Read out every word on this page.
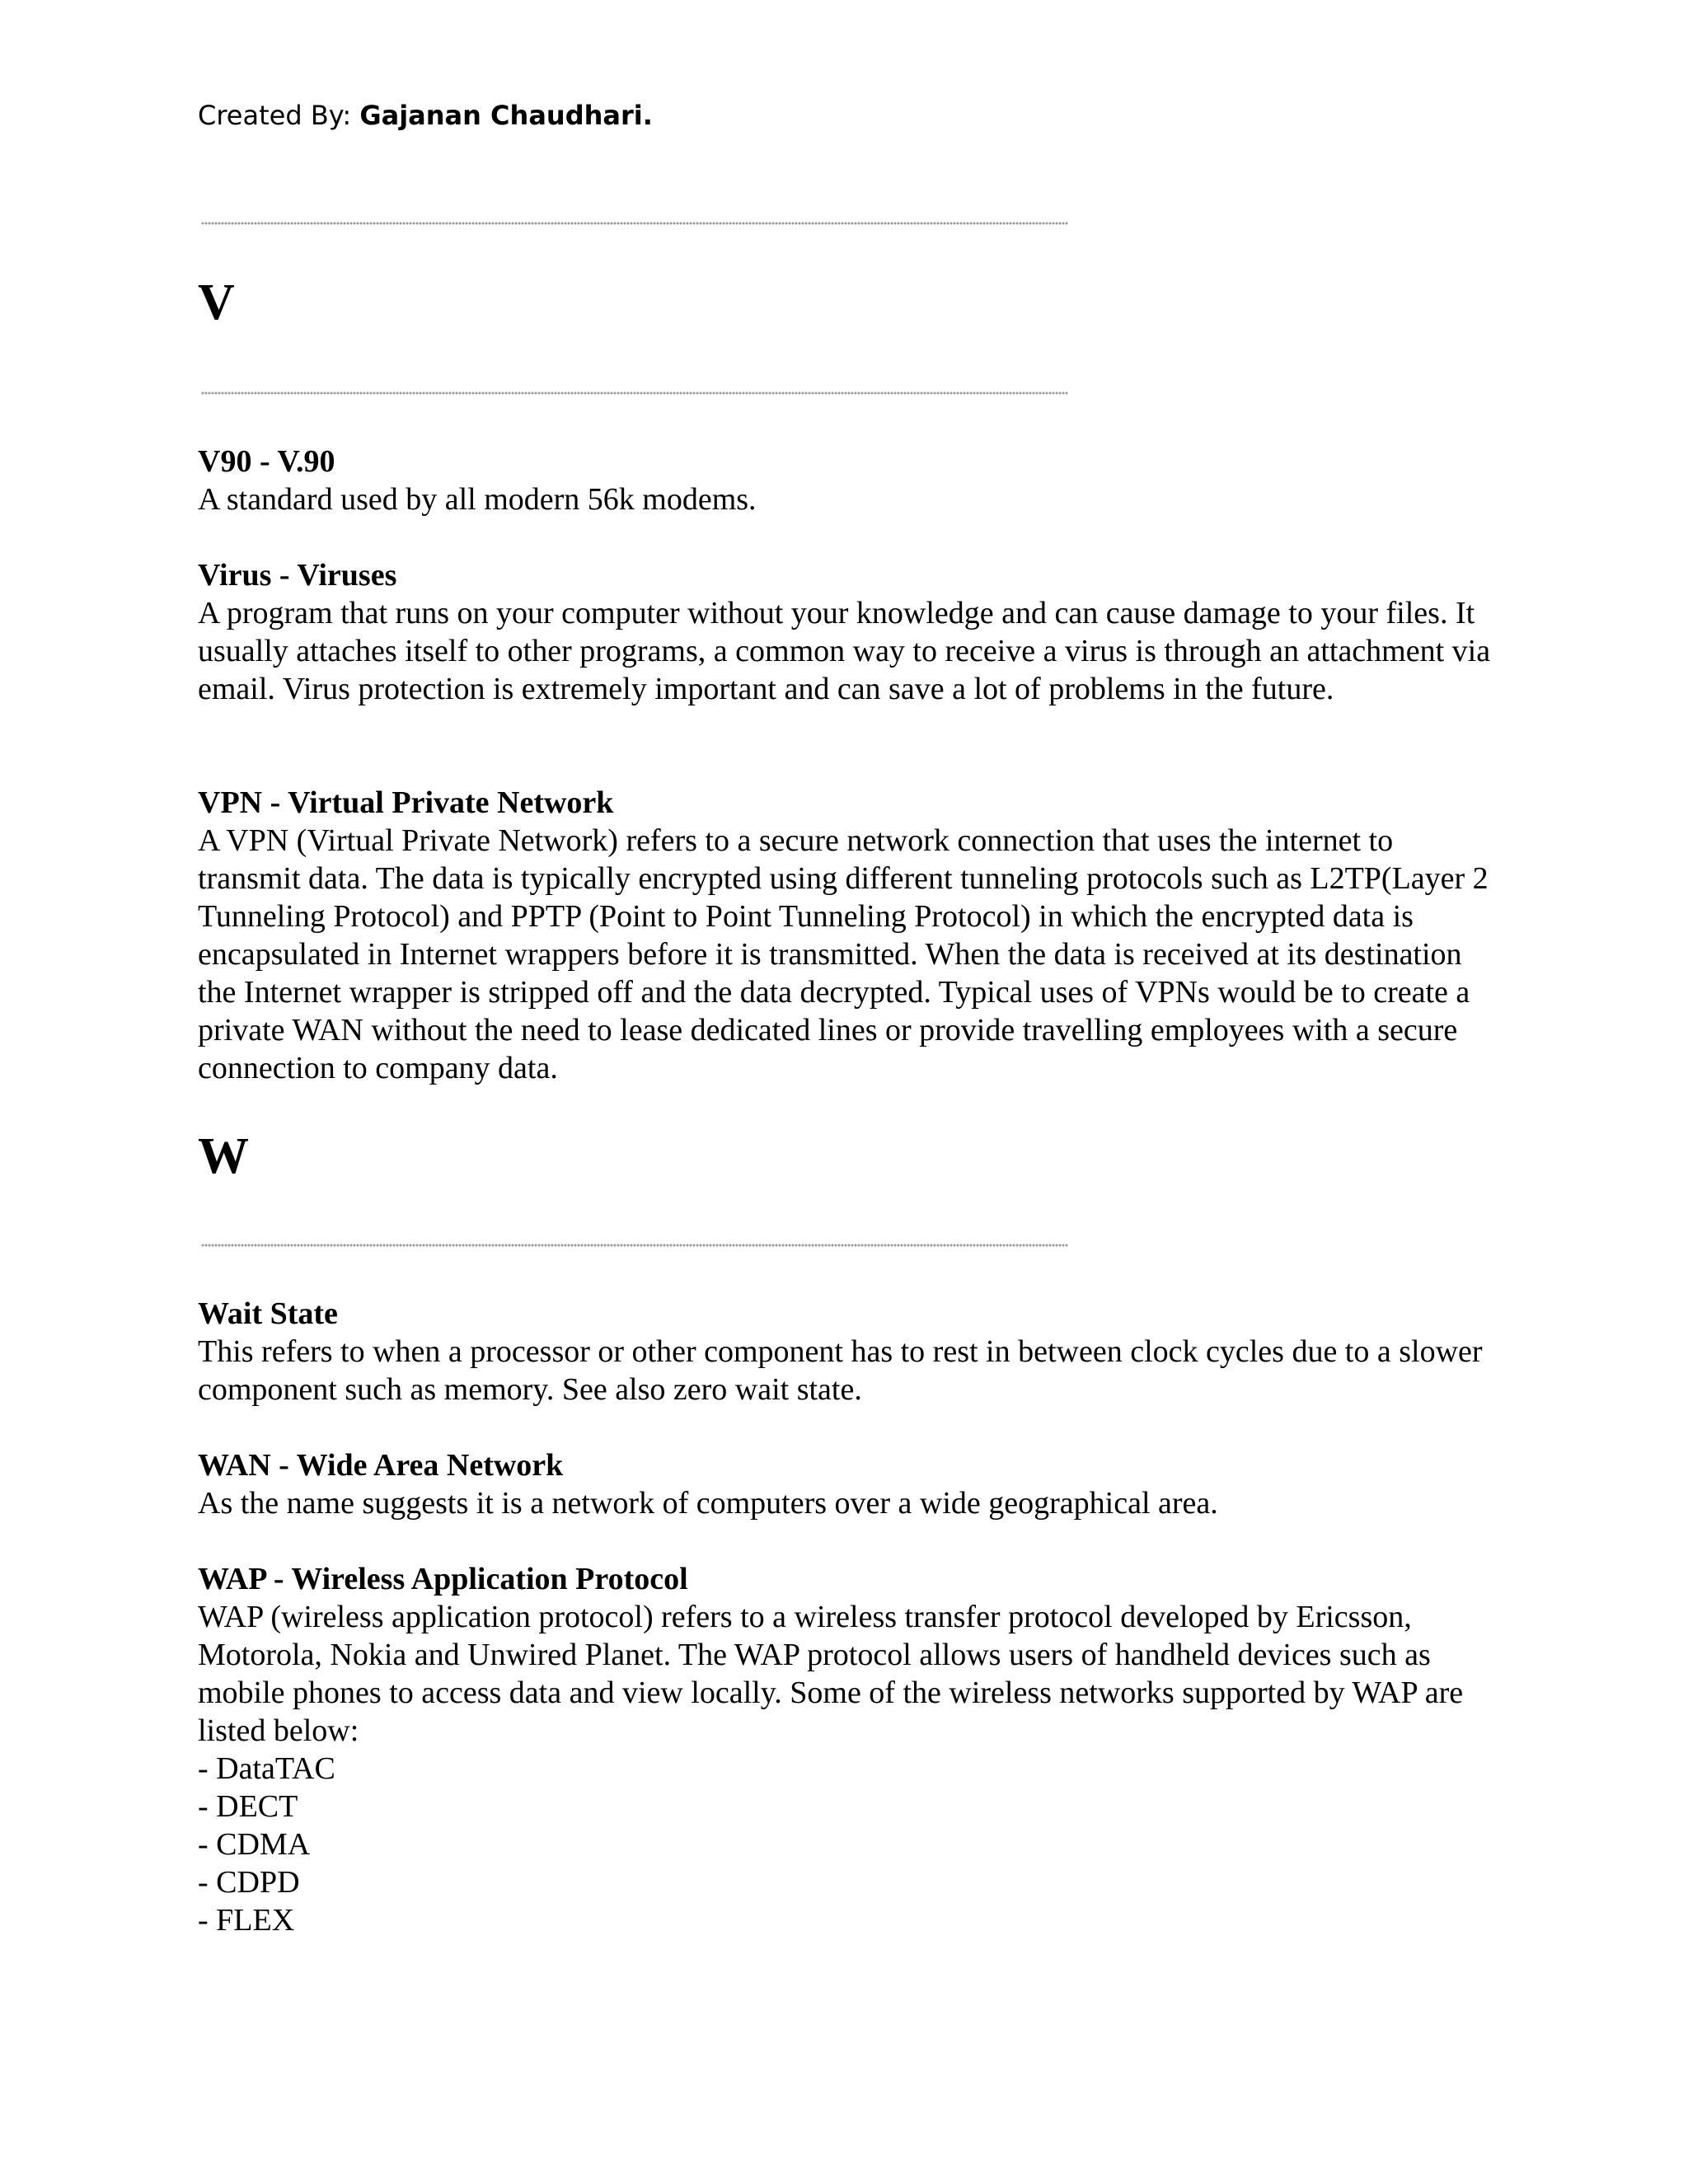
Created By: Gajanan Chaudhari.
V
V90 - V.90
A standard used by all modern 56k modems.
Virus - Viruses
A program that runs on your computer without your knowledge and can cause damage to your files. It usually attaches itself to other programs, a common way to receive a virus is through an attachment via email. Virus protection is extremely important and can save a lot of problems in the future.
VPN - Virtual Private Network
A VPN (Virtual Private Network) refers to a secure network connection that uses the internet to transmit data. The data is typically encrypted using different tunneling protocols such as L2TP(Layer 2 Tunneling Protocol) and PPTP (Point to Point Tunneling Protocol) in which the encrypted data is encapsulated in Internet wrappers before it is transmitted. When the data is received at its destination the Internet wrapper is stripped off and the data decrypted. Typical uses of VPNs would be to create a private WAN without the need to lease dedicated lines or provide travelling employees with a secure connection to company data.
W
Wait State
This refers to when a processor or other component has to rest in between clock cycles due to a slower component such as memory. See also zero wait state.
WAN - Wide Area Network
As the name suggests it is a network of computers over a wide geographical area.
WAP - Wireless Application Protocol
WAP (wireless application protocol) refers to a wireless transfer protocol developed by Ericsson, Motorola, Nokia and Unwired Planet. The WAP protocol allows users of handheld devices such as mobile phones to access data and view locally. Some of the wireless networks supported by WAP are listed below:
- DataTAC
- DECT
- CDMA
- CDPD
- FLEX
